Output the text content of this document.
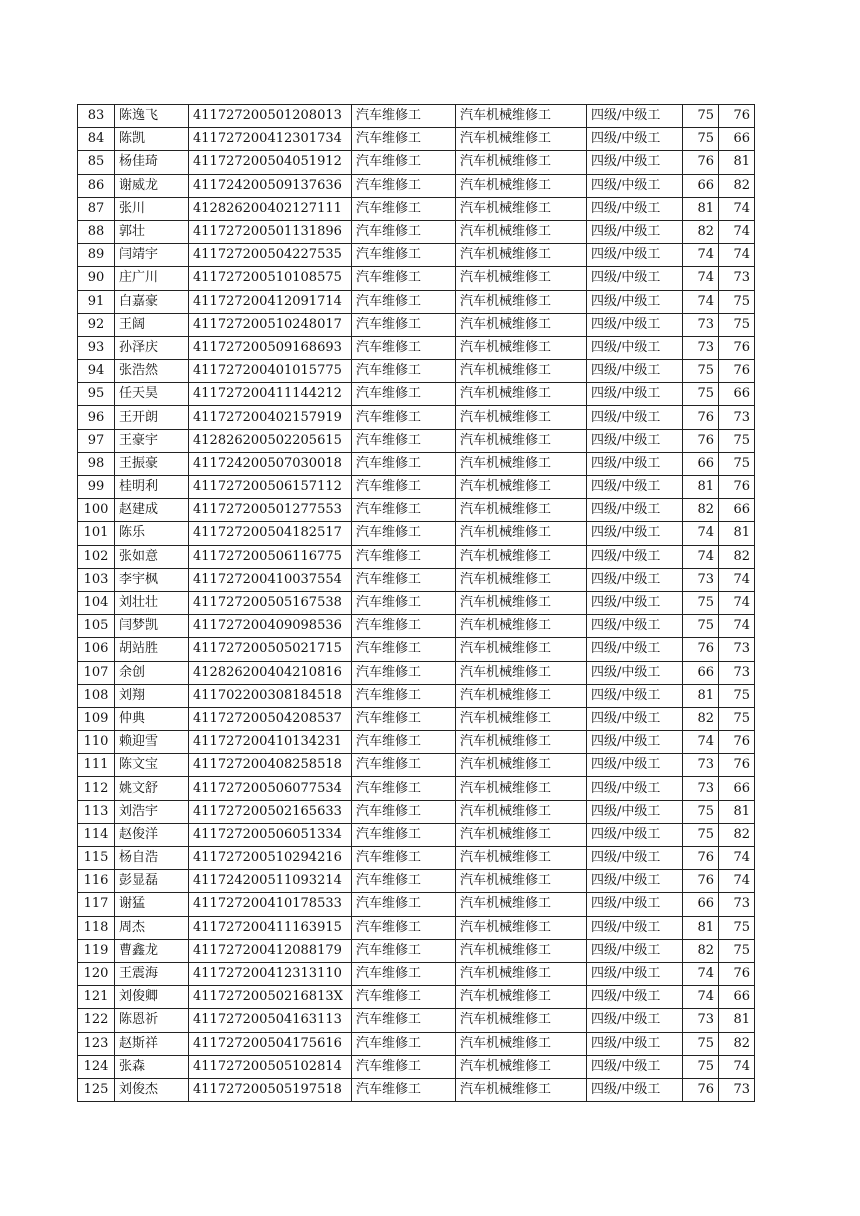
83	陈逸飞	411727200501208013	汽车维修工	汽车机械维修工	四级/中级工	75	76
84	陈凯	411727200412301734	汽车维修工	汽车机械维修工	四级/中级工	75	66
85	杨佳琦	411727200504051912	汽车维修工	汽车机械维修工	四级/中级工	76	81
86	谢威龙	411724200509137636	汽车维修工	汽车机械维修工	四级/中级工	66	82
87	张川	412826200402127111	汽车维修工	汽车机械维修工	四级/中级工	81	74
88	郭壮	411727200501131896	汽车维修工	汽车机械维修工	四级/中级工	82	74
89	闫靖宇	411727200504227535	汽车维修工	汽车机械维修工	四级/中级工	74	74
90	庄广川	411727200510108575	汽车维修工	汽车机械维修工	四级/中级工	74	73
91	白嘉豪	411727200412091714	汽车维修工	汽车机械维修工	四级/中级工	74	75
92	王阔	411727200510248017	汽车维修工	汽车机械维修工	四级/中级工	73	75
93	孙泽庆	411727200509168693	汽车维修工	汽车机械维修工	四级/中级工	73	76
94	张浩然	411727200401015775	汽车维修工	汽车机械维修工	四级/中级工	75	76
95	任天昊	411727200411144212	汽车维修工	汽车机械维修工	四级/中级工	75	66
96	王开朗	411727200402157919	汽车维修工	汽车机械维修工	四级/中级工	76	73
97	王豪宇	412826200502205615	汽车维修工	汽车机械维修工	四级/中级工	76	75
98	王振豪	411724200507030018	汽车维修工	汽车机械维修工	四级/中级工	66	75
99	桂明利	411727200506157112	汽车维修工	汽车机械维修工	四级/中级工	81	76
100	赵建成	411727200501277553	汽车维修工	汽车机械维修工	四级/中级工	82	66
101	陈乐	411727200504182517	汽车维修工	汽车机械维修工	四级/中级工	74	81
102	张如意	411727200506116775	汽车维修工	汽车机械维修工	四级/中级工	74	82
103	李宇枫	411727200410037554	汽车维修工	汽车机械维修工	四级/中级工	73	74
104	刘壮壮	411727200505167538	汽车维修工	汽车机械维修工	四级/中级工	75	74
105	闫梦凯	411727200409098536	汽车维修工	汽车机械维修工	四级/中级工	75	74
106	胡站胜	411727200505021715	汽车维修工	汽车机械维修工	四级/中级工	76	73
107	余创	412826200404210816	汽车维修工	汽车机械维修工	四级/中级工	66	73
108	刘翔	411702200308184518	汽车维修工	汽车机械维修工	四级/中级工	81	75
109	仲典	411727200504208537	汽车维修工	汽车机械维修工	四级/中级工	82	75
110	赖迎雪	411727200410134231	汽车维修工	汽车机械维修工	四级/中级工	74	76
111	陈文宝	411727200408258518	汽车维修工	汽车机械维修工	四级/中级工	73	76
112	姚文舒	411727200506077534	汽车维修工	汽车机械维修工	四级/中级工	73	66
113	刘浩宇	411727200502165633	汽车维修工	汽车机械维修工	四级/中级工	75	81
114	赵俊洋	411727200506051334	汽车维修工	汽车机械维修工	四级/中级工	75	82
115	杨自浩	411727200510294216	汽车维修工	汽车机械维修工	四级/中级工	76	74
116	彭显磊	411724200511093214	汽车维修工	汽车机械维修工	四级/中级工	76	74
117	谢猛	411727200410178533	汽车维修工	汽车机械维修工	四级/中级工	66	73
118	周杰	411727200411163915	汽车维修工	汽车机械维修工	四级/中级工	81	75
119	曹鑫龙	411727200412088179	汽车维修工	汽车机械维修工	四级/中级工	82	75
120	王震海	411727200412313110	汽车维修工	汽车机械维修工	四级/中级工	74	76
121	刘俊卿	41172720050216813X	汽车维修工	汽车机械维修工	四级/中级工	74	66
122	陈恩祈	411727200504163113	汽车维修工	汽车机械维修工	四级/中级工	73	81
123	赵斯祥	411727200504175616	汽车维修工	汽车机械维修工	四级/中级工	75	82
124	张森	411727200505102814	汽车维修工	汽车机械维修工	四级/中级工	75	74
125	刘俊杰	411727200505197518	汽车维修工	汽车机械维修工	四级/中级工	76	73
